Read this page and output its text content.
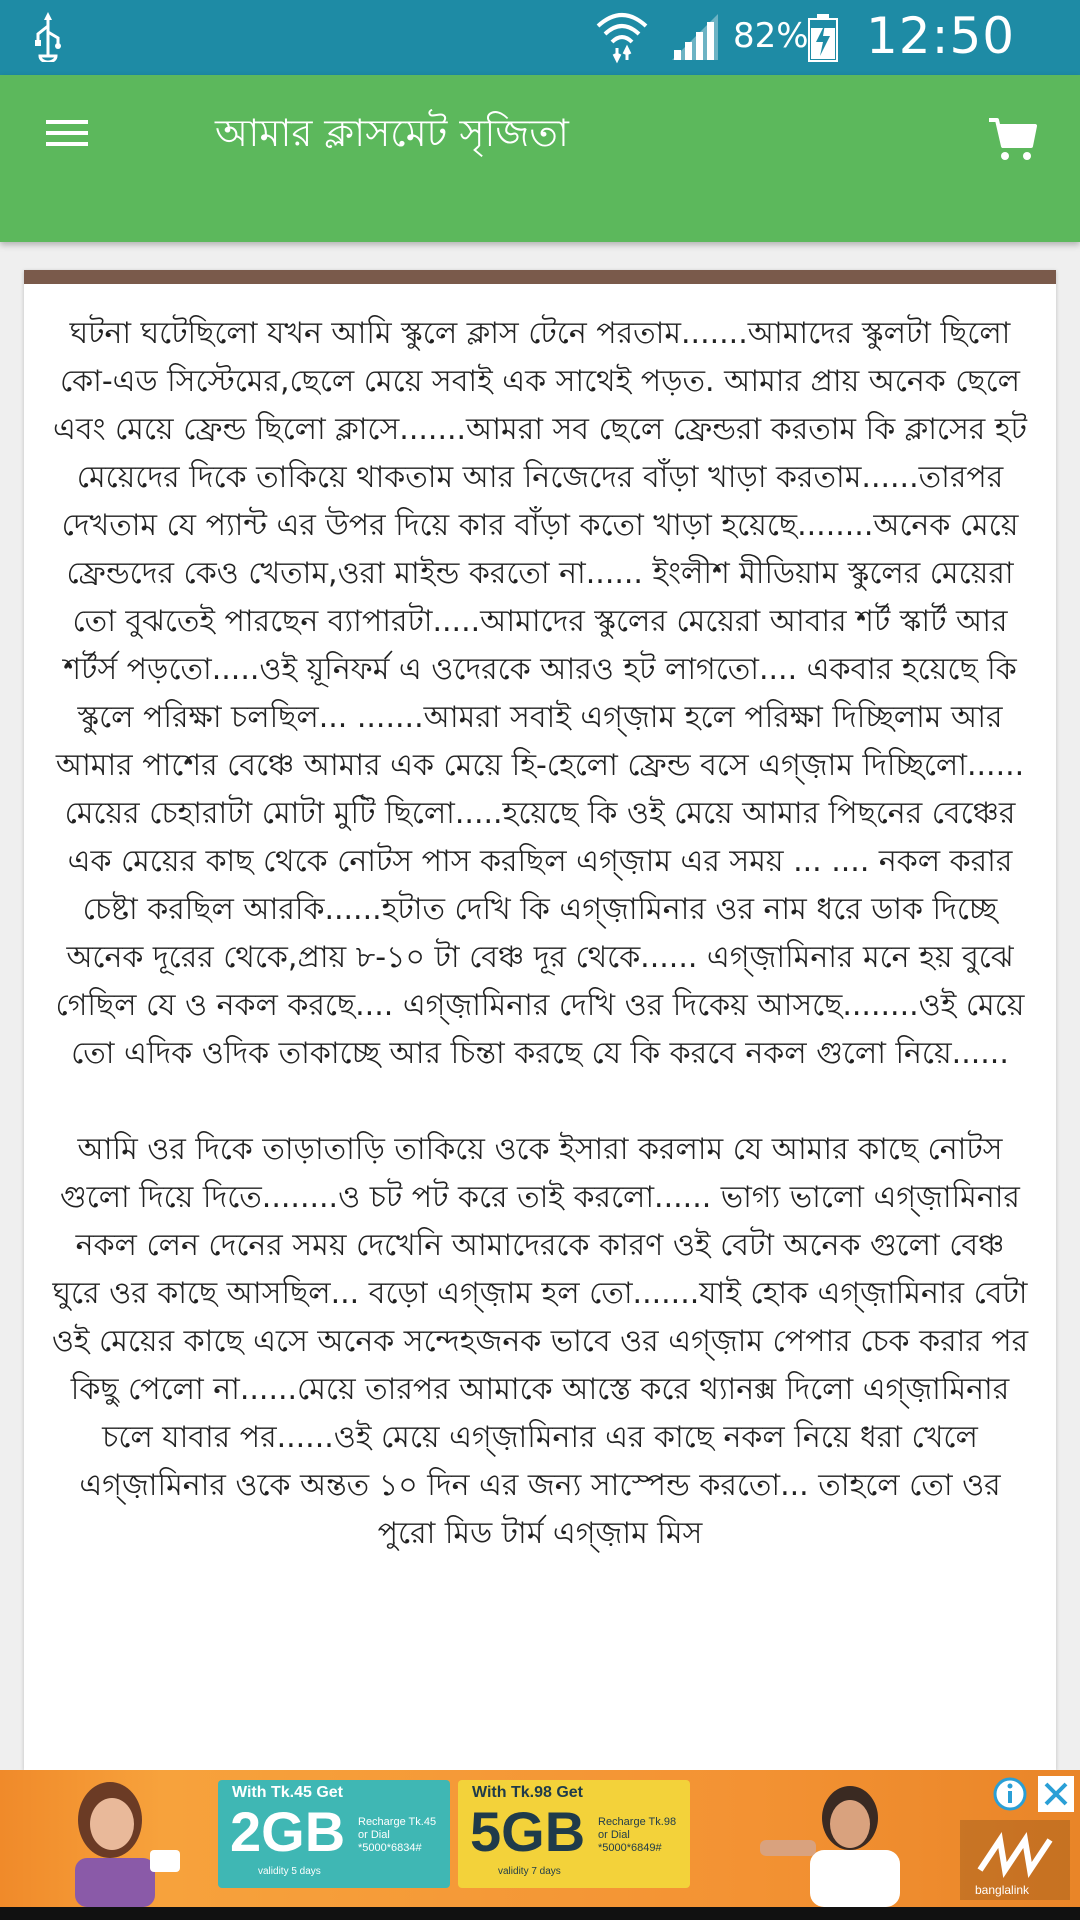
82% 12:50
আমার ক্লাসমেট সৃজিতা

ঘটনা ঘটেছিলো যখন আমি স্কুলে ক্লাস টেনে পরতাম.......আমাদের স্কুলটা ছিলো কো-এড সিস্টেমের,ছেলে মেয়ে সবাই এক সাথেই পড়ত. আমার প্রায় অনেক ছেলে এবং মেয়ে ফ্রেন্ড ছিলো ক্লাসে.......আমরা সব ছেলে ফ্রেন্ডরা করতাম কি ক্লাসের হট মেয়েদের দিকে তাকিয়ে থাকতাম আর নিজেদের বাঁড়া খাড়া করতাম......তারপর দেখতাম যে প্যান্ট এর উপর দিয়ে কার বাঁড়া কতো খাড়া হয়েছে........অনেক মেয়ে ফ্রেন্ডদের কেও খেতাম,ওরা মাইন্ড করতো না...... ইংলীশ মীডিয়াম স্কুলের মেয়েরা তো বুঝতেই পারছেন ব্যাপারটা.....আমাদের স্কুলের মেয়েরা আবার শর্ট স্কার্ট আর শর্টর্স পড়তো.....ওই য়ূনিফর্ম এ ওদেরকে আরও হট লাগতো.... একবার হয়েছে কি স্কুলে পরিক্ষা চলছিল... .......আমরা সবাই এগ্জ়াম হলে পরিক্ষা দিচ্ছিলাম আর আমার পাশের বেঞ্চে আমার এক মেয়ে হি-হেলো ফ্রেন্ড বসে এগ্জ়াম দিচ্ছিলো...... মেয়ের চেহারাটা মোটা মুটি ছিলো.....হয়েছে কি ওই মেয়ে আমার পিছনের বেঞ্চের এক মেয়ের কাছ থেকে নোটস পাস করছিল এগ্জ়াম এর সময় ... .... নকল করার চেষ্টা করছিল আরকি......হটাত দেখি কি এগ্জ়ামিনার ওর নাম ধরে ডাক দিচ্ছে অনেক দূরের থেকে,প্রায় ৮-১০ টা বেঞ্চ দূর থেকে...... এগ্জ়ামিনার মনে হয় বুঝে গেছিল যে ও নকল করছে.... এগ্জ়ামিনার দেখি ওর দিকেয় আসছে........ওই মেয়ে তো এদিক ওদিক তাকাচ্ছে আর চিন্তা করছে যে কি করবে নকল গুলো নিয়ে......

আমি ওর দিকে তাড়াতাড়ি তাকিয়ে ওকে ইসারা করলাম যে আমার কাছে নোটস গুলো দিয়ে দিতে........ও চট পট করে তাই করলো...... ভাগ্য ভালো এগ্জ়ামিনার নকল লেন দেনের সময় দেখেনি আমাদেরকে কারণ ওই বেটা অনেক গুলো বেঞ্চ ঘুরে ওর কাছে আসছিল... বড়ো এগ্জ়াম হল তো.......যাই হোক এগ্জ়ামিনার বেটা ওই মেয়ের কাছে এসে অনেক সন্দেহজনক ভাবে ওর এগ্জ়াম পেপার চেক করার পর কিছু পেলো না......মেয়ে তারপর আমাকে আস্তে করে থ্যানক্স দিলো এগ্জ়ামিনার চলে যাবার পর......ওই মেয়ে এগ্জ়ামিনার এর কাছে নকল নিয়ে ধরা খেলে এগ্জ়ামিনার ওকে অন্তত ১০ দিন এর জন্য সাস্পেন্ড করতো... তাহলে তো ওর পুরো মিড টার্ম এগ্জ়াম মিস

With Tk.45 Get
2GB Recharge Tk.45 or Dial *5000*6834#
validity 5 days
With Tk.98 Get
5GB Recharge Tk.98 or Dial *5000*6849#
validity 7 days
banglalink
